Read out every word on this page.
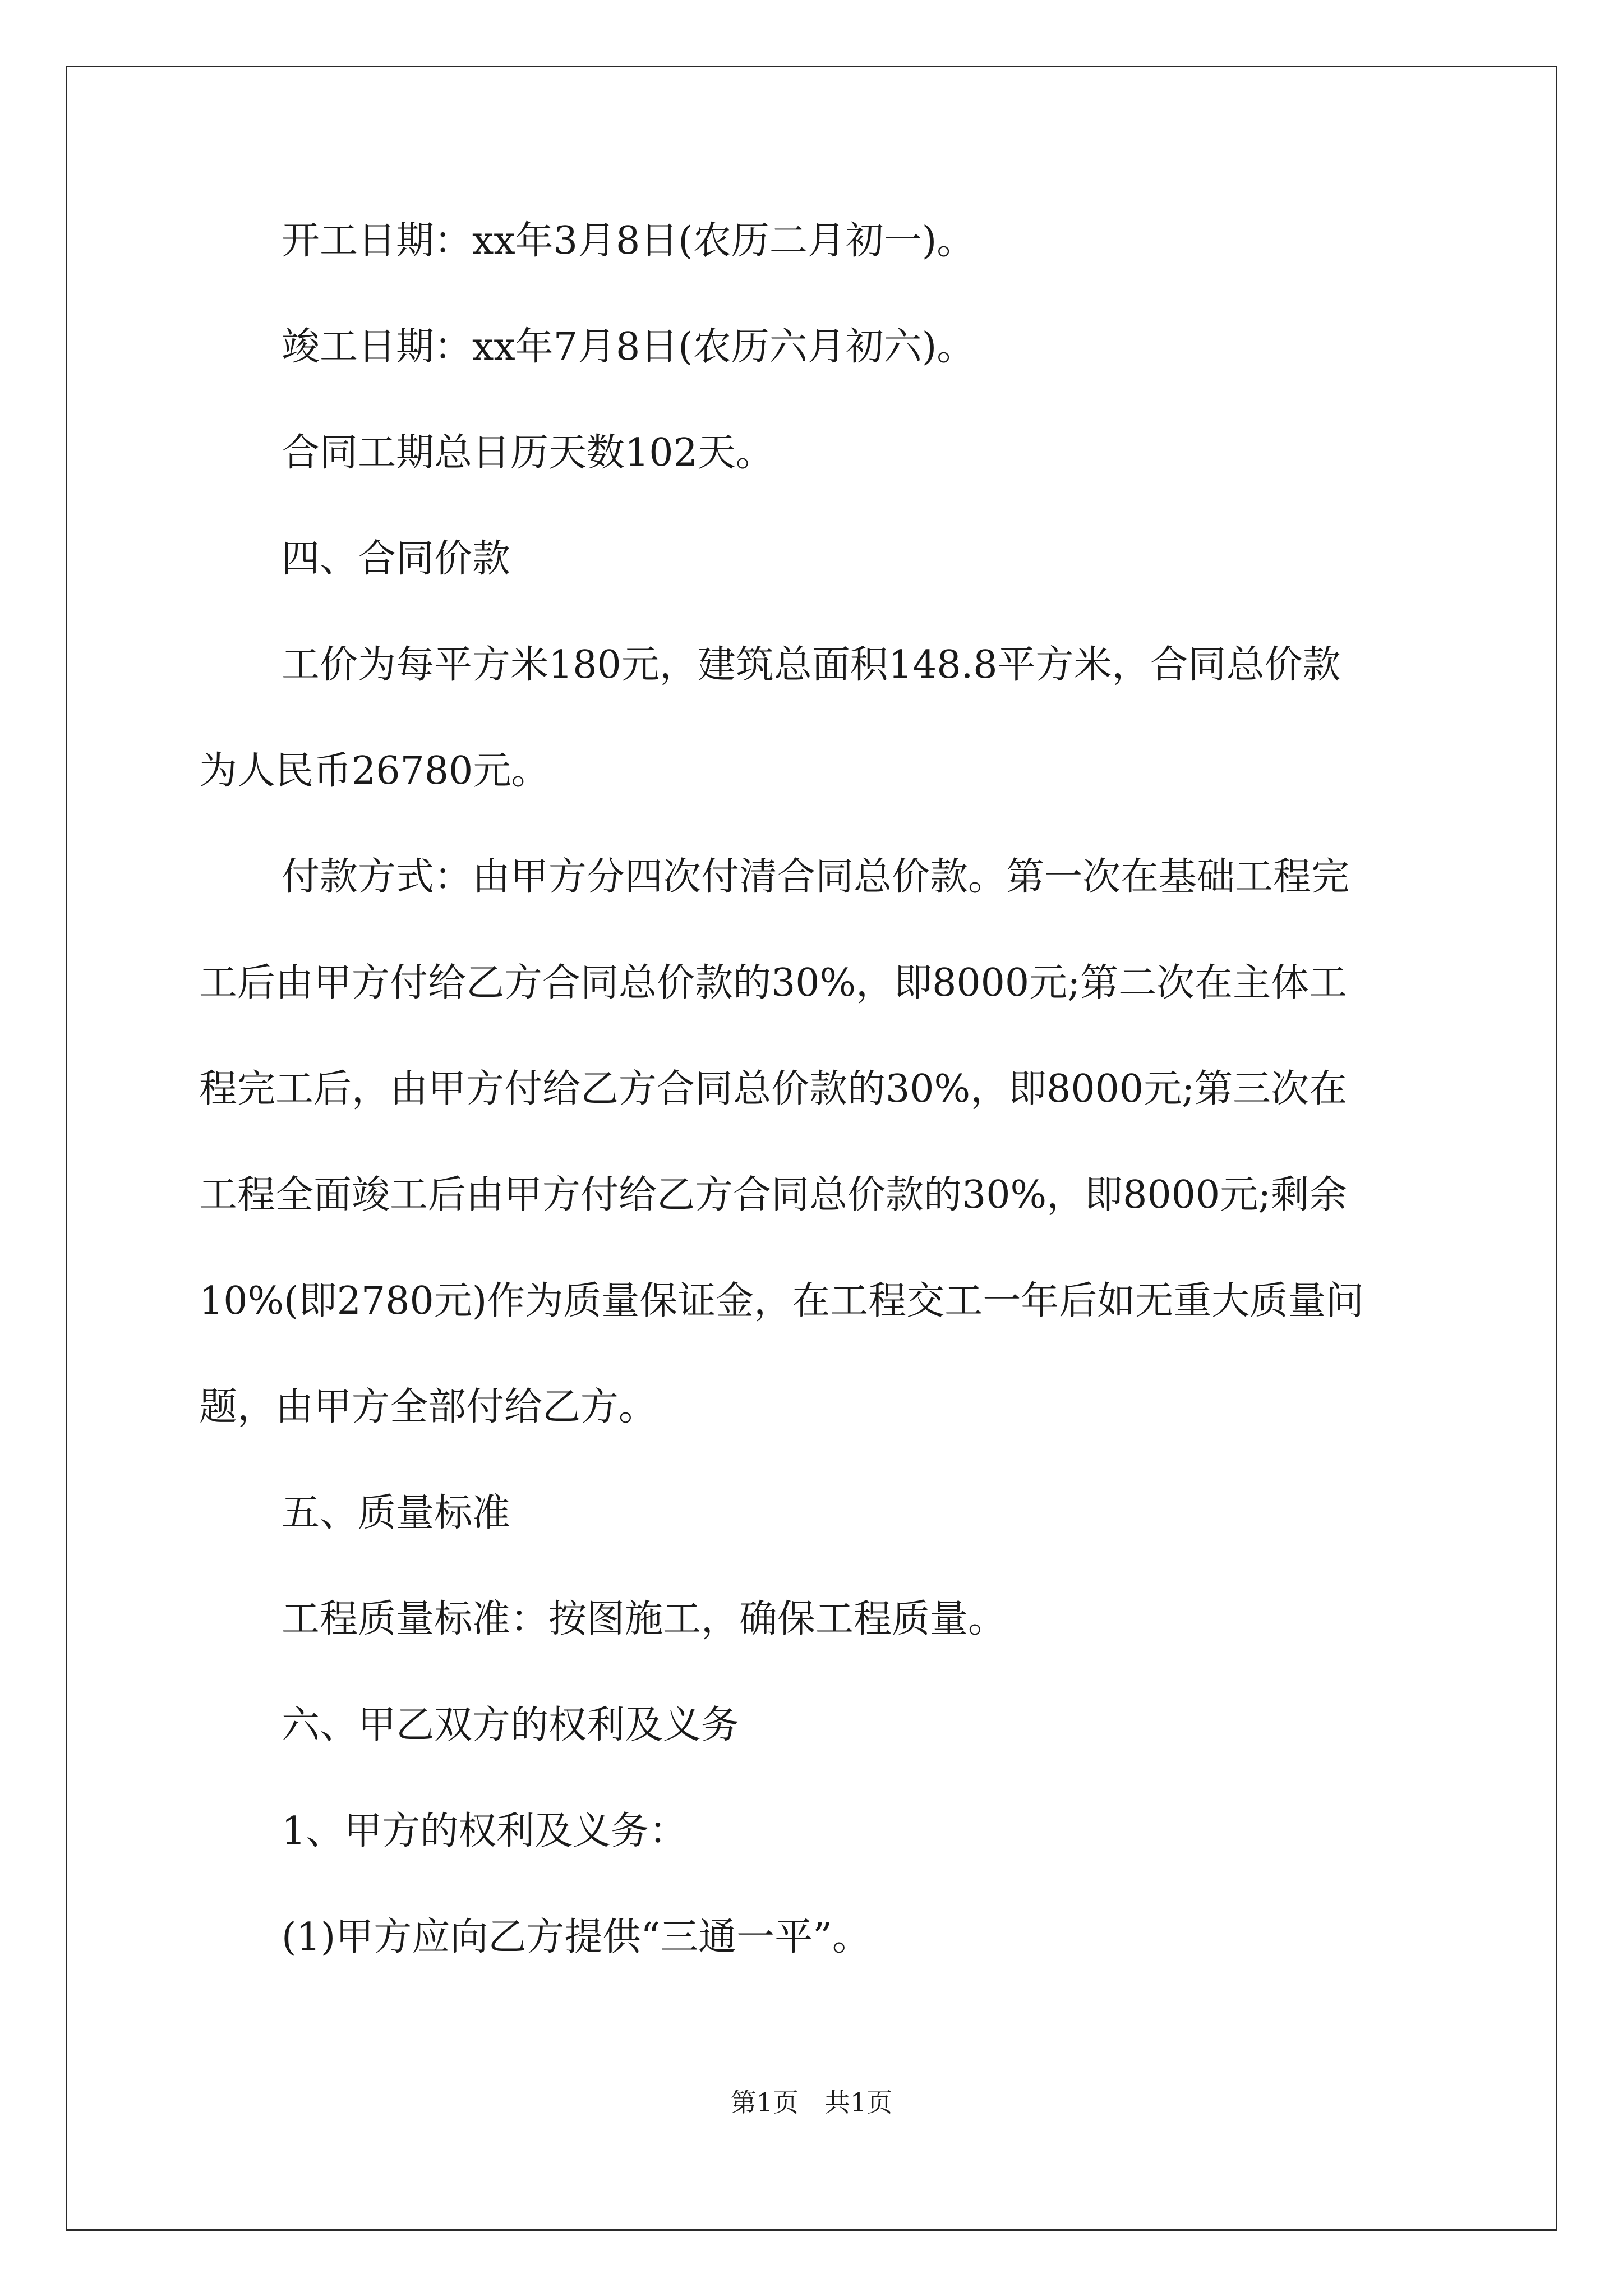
开工日期：xx年3月8日(农历二月初一)。

竣工日期：xx年7月8日(农历六月初六)。

合同工期总日历天数102天。

四、合同价款

工价为每平方米180元，建筑总面积148.8平方米，合同总价款
为人民币26780元。
付款方式：由甲方分四次付清合同总价款。第一次在基础工程完
工后由甲方付给乙方合同总价款的30%，即8000元;第二次在主体工
程完工后，由甲方付给乙方合同总价款的30%，即8000元;第三次在
工程全面竣工后由甲方付给乙方合同总价款的30%，即8000元;剩余
10%(即2780元)作为质量保证金，在工程交工一年后如无重大质量问
题，由甲方全部付给乙方。

五、质量标准

工程质量标准：按图施工，确保工程质量。

六、甲乙双方的权利及义务

1、甲方的权利及义务：

(1)甲方应向乙方提供“三通一平”。

第1页　共1页
